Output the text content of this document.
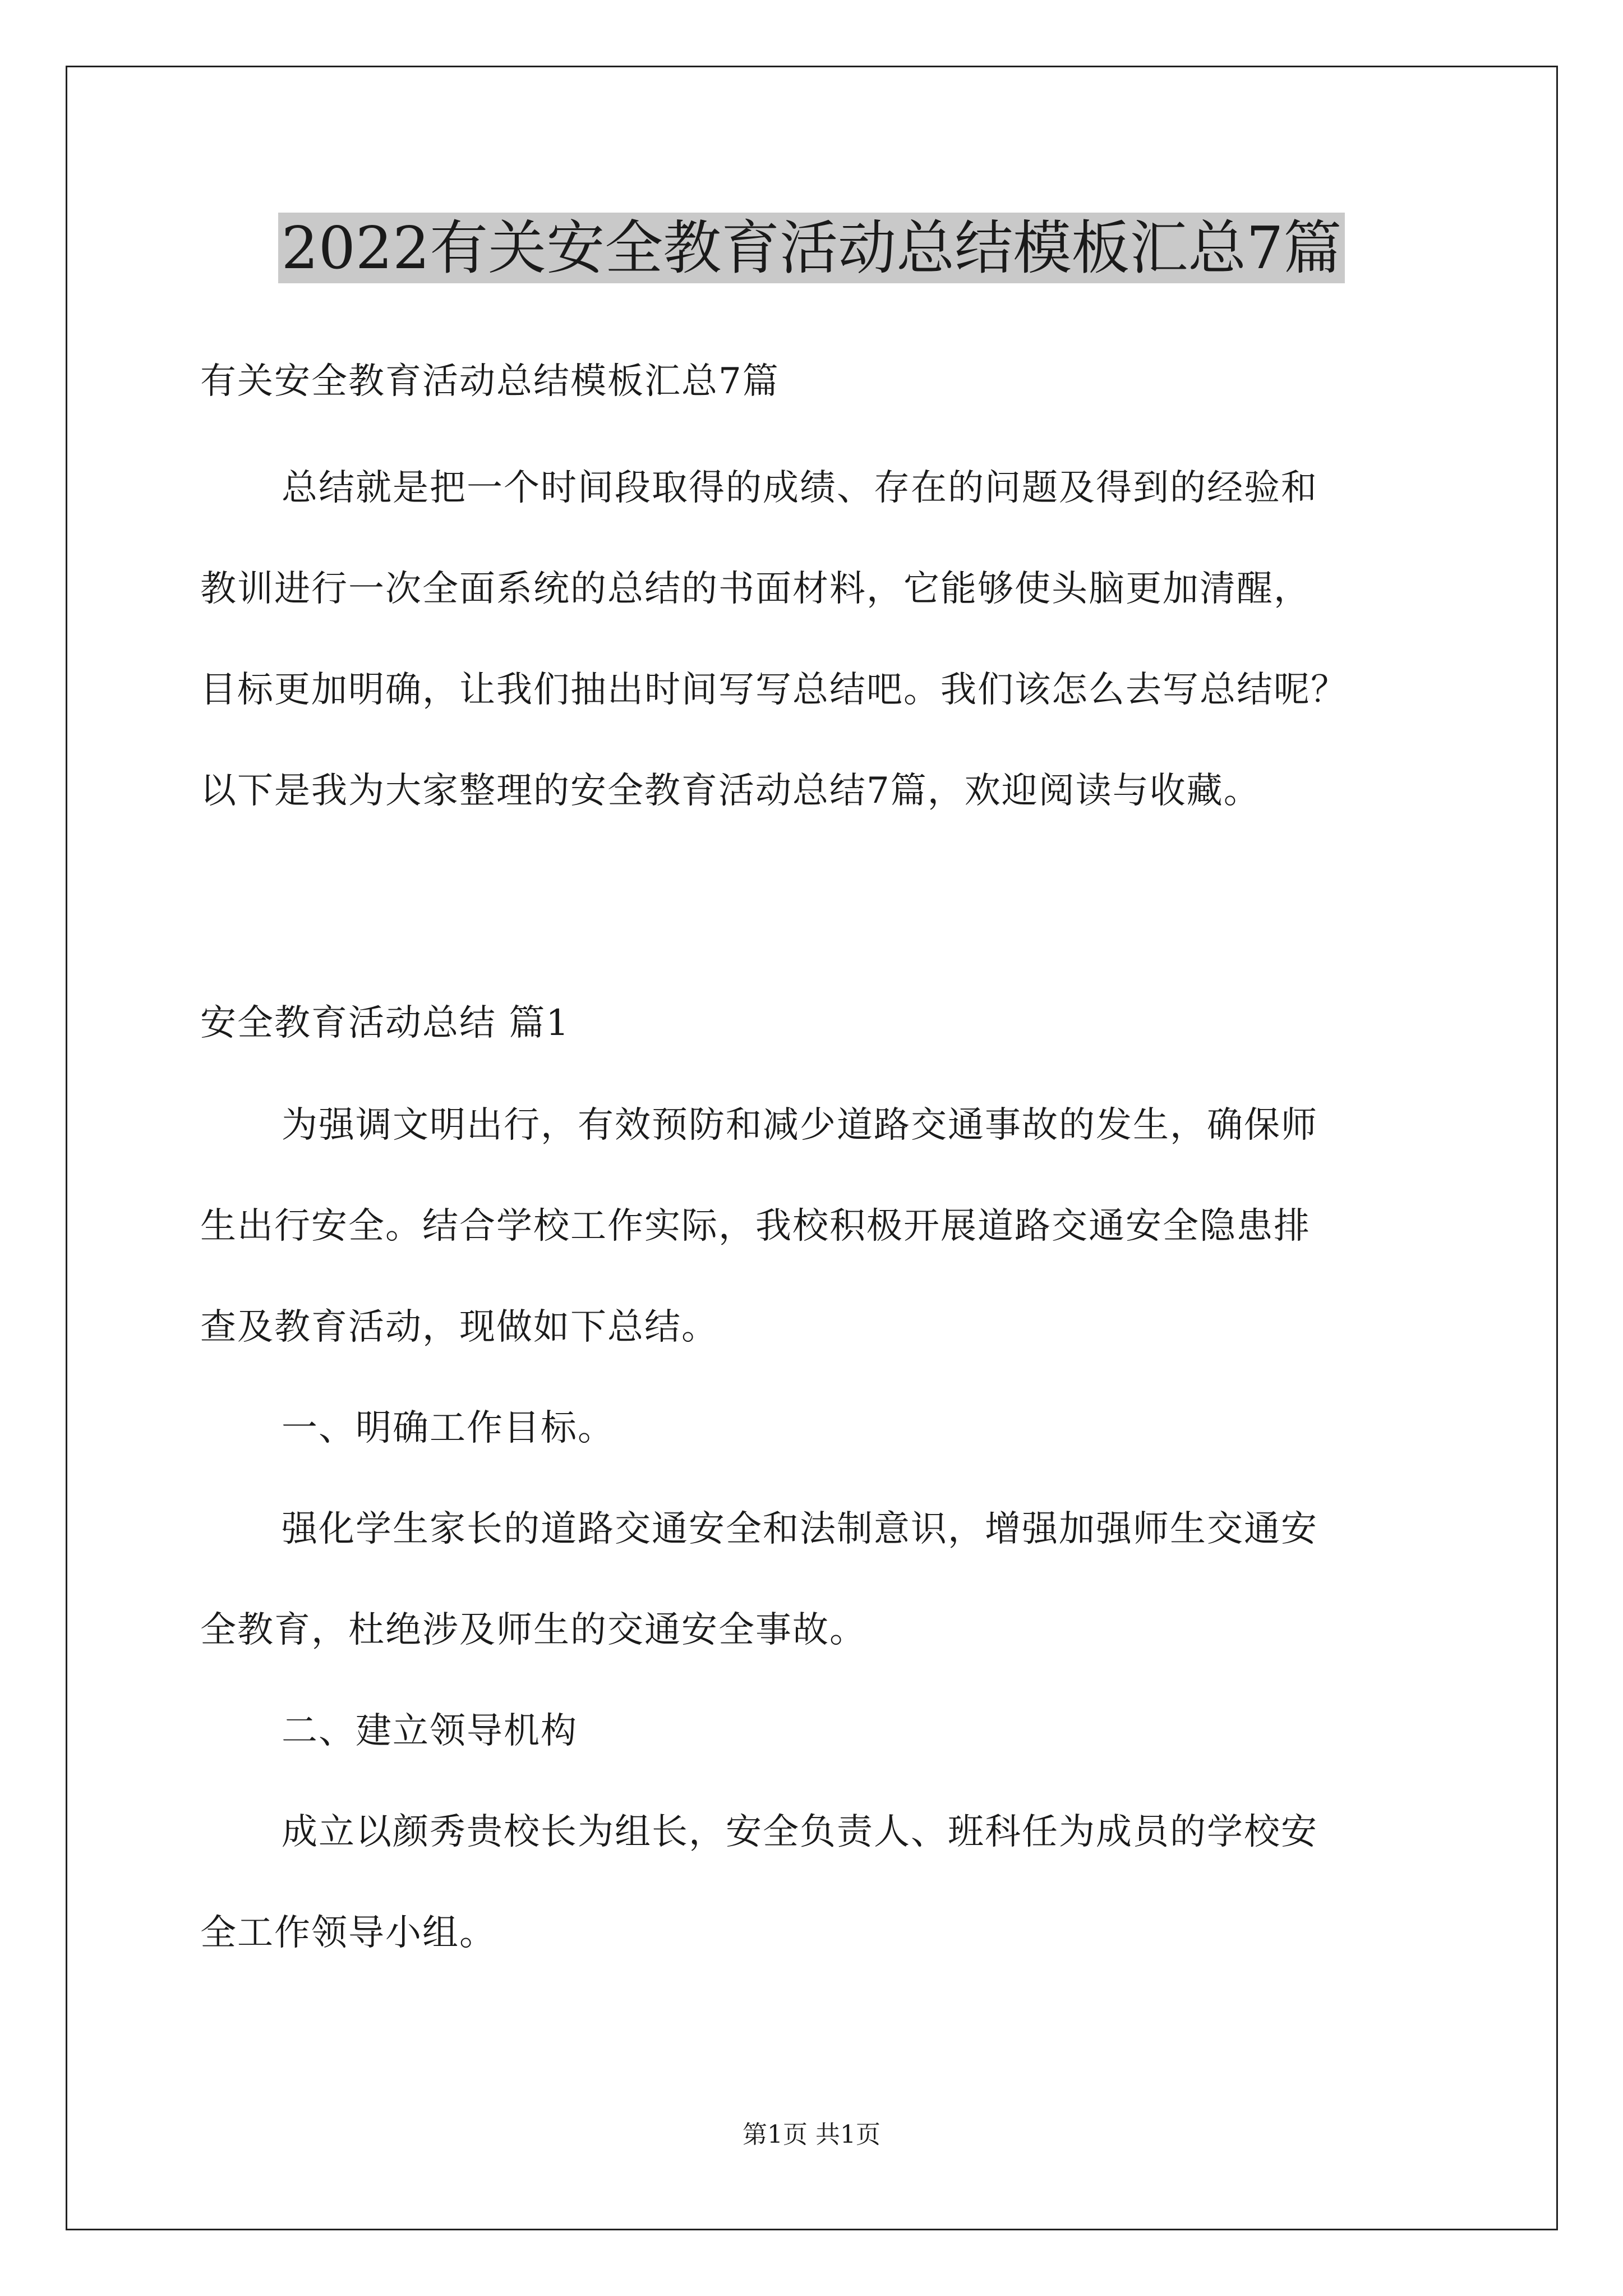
2022有关安全教育活动总结模板汇总7篇
有关安全教育活动总结模板汇总7篇
总结就是把一个时间段取得的成绩、存在的问题及得到的经验和
教训进行一次全面系统的总结的书面材料，它能够使头脑更加清醒，
目标更加明确，让我们抽出时间写写总结吧。我们该怎么去写总结呢？
以下是我为大家整理的安全教育活动总结7篇，欢迎阅读与收藏。
安全教育活动总结 篇1
为强调文明出行，有效预防和减少道路交通事故的发生，确保师
生出行安全。结合学校工作实际，我校积极开展道路交通安全隐患排
查及教育活动，现做如下总结。
一、明确工作目标。
强化学生家长的道路交通安全和法制意识，增强加强师生交通安
全教育，杜绝涉及师生的交通安全事故。
二、建立领导机构
成立以颜秀贵校长为组长，安全负责人、班科任为成员的学校安
全工作领导小组。
第1页 共1页
